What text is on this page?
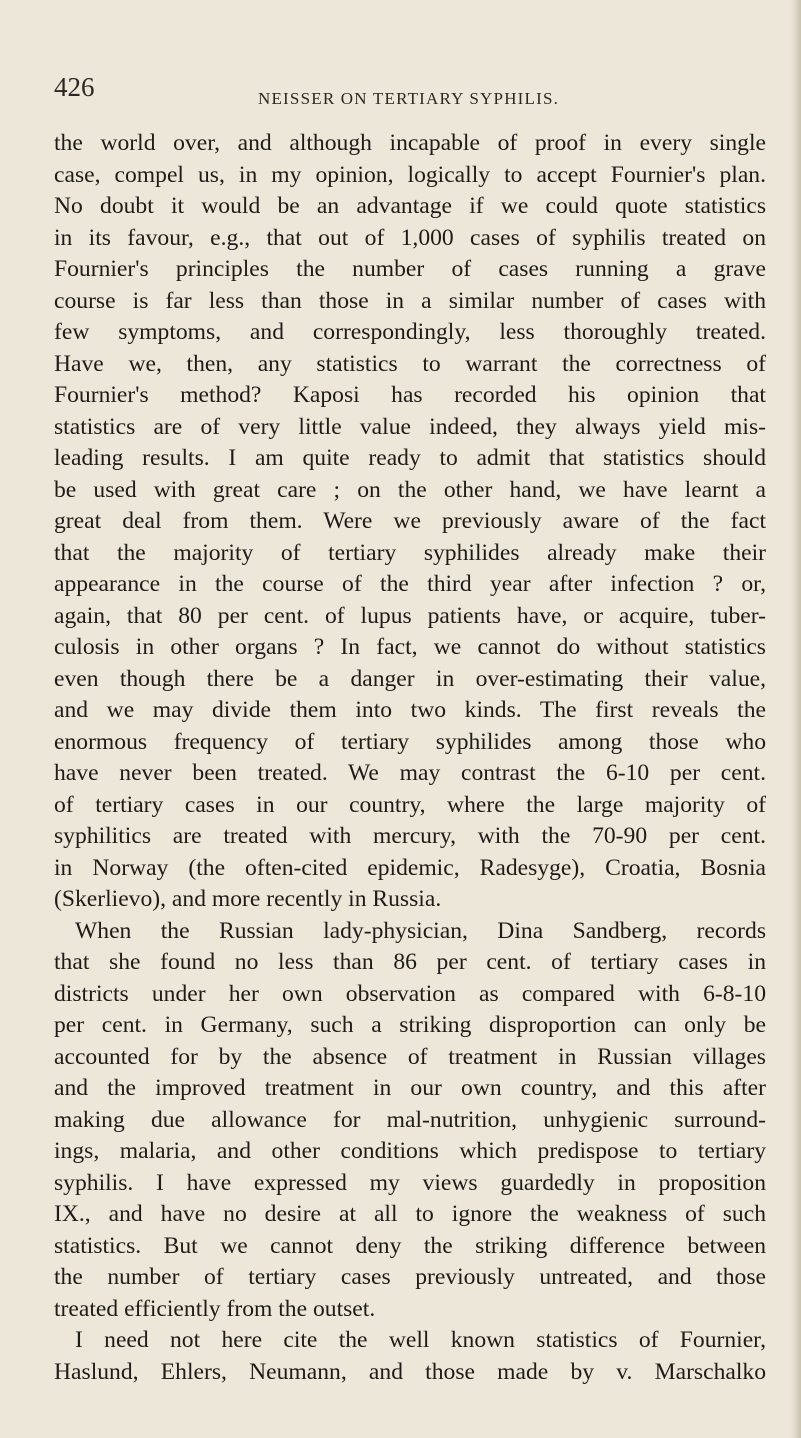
426	NEISSER ON TERTIARY SYPHILIS.
the world over, and although incapable of proof in every single
case, compel us, in my opinion, logically to accept Fournier's plan.
No doubt it would be an advantage if we could quote statistics
in its favour, e.g., that out of 1,000 cases of syphilis treated on
Fournier's principles the number of cases running a grave
course is far less than those in a similar number of cases with
few symptoms, and correspondingly, less thoroughly treated.
Have we, then, any statistics to warrant the correctness of
Fournier's method? Kaposi has recorded his opinion that
statistics are of very little value indeed, they always yield mis-
leading results. I am quite ready to admit that statistics should
be used with great care ; on the other hand, we have learnt a
great deal from them. Were we previously aware of the fact
that the majority of tertiary syphilides already make their
appearance in the course of the third year after infection ? or,
again, that 80 per cent. of lupus patients have, or acquire, tuber-
culosis in other organs ? In fact, we cannot do without statistics
even though there be a danger in over-estimating their value,
and we may divide them into two kinds. The first reveals the
enormous frequency of tertiary syphilides among those who
have never been treated. We may contrast the 6-10 per cent.
of tertiary cases in our country, where the large majority of
syphilitics are treated with mercury, with the 70-90 per cent.
in Norway (the often-cited epidemic, Radesyge), Croatia, Bosnia
(Skerlievo), and more recently in Russia.
When the Russian lady-physician, Dina Sandberg, records
that she found no less than 86 per cent. of tertiary cases in
districts under her own observation as compared with 6-8-10
per cent. in Germany, such a striking disproportion can only be
accounted for by the absence of treatment in Russian villages
and the improved treatment in our own country, and this after
making due allowance for mal-nutrition, unhygienic surround-
ings, malaria, and other conditions which predispose to tertiary
syphilis. I have expressed my views guardedly in proposition
IX., and have no desire at all to ignore the weakness of such
statistics. But we cannot deny the striking difference between
the number of tertiary cases previously untreated, and those
treated efficiently from the outset.
I need not here cite the well known statistics of Fournier,
Haslund, Ehlers, Neumann, and those made by v. Marschalko
